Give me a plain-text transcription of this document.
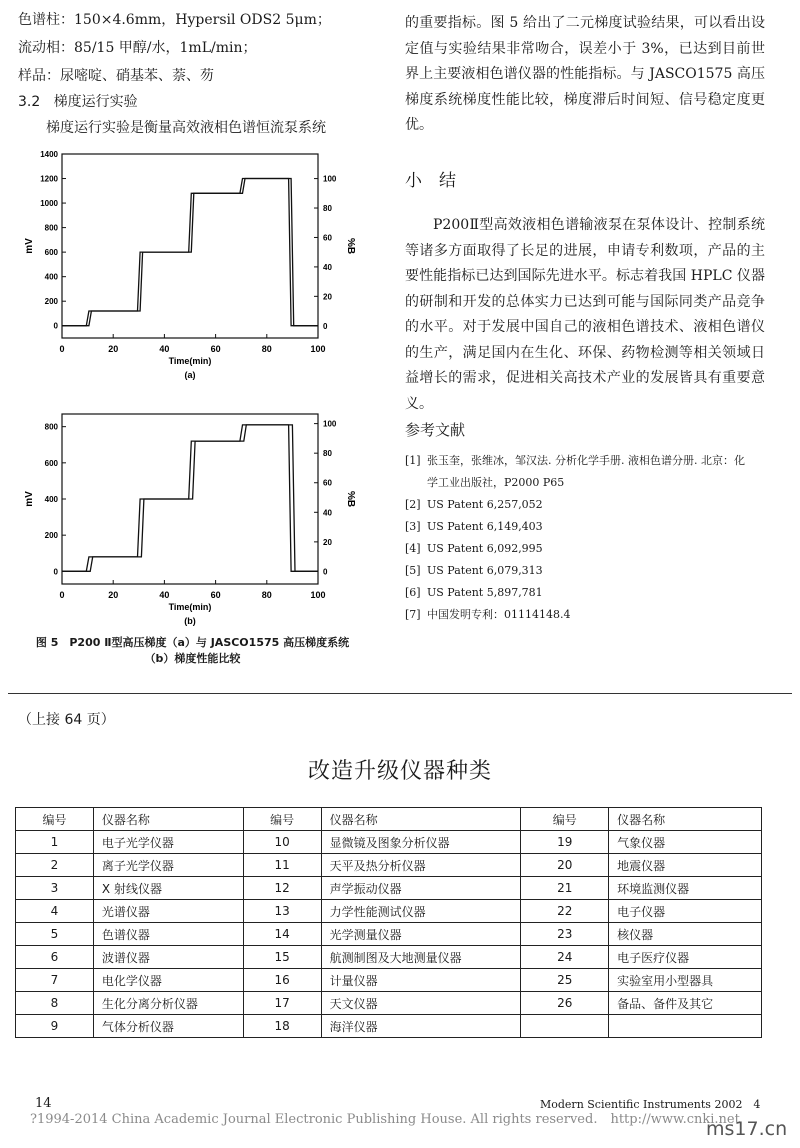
色谱柱：150×4.6mm，Hypersil ODS2 5μm；
流动相：85/15 甲醇/水，1mL/min；
样品：尿嘧啶、硝基苯、萘、芴
3.2 梯度运行实验
梯度运行实验是衡量高效液相色谱恒流泵系统
0	20	40	60	80	100
0
200
400
600
800
1000
1200
1400
0
20
40
60
80
100
Time(min)
mV	%B
(a)
0	20	40	60	80	100
0
200
400
600
800
0
20
40
60
80
100
Time(min)
mV	%B
(b)
图 5　P200 Ⅱ型高压梯度（a）与 JASCO1575 高压梯度系统
（b）梯度性能比较
的重要指标。图 5 给出了二元梯度试验结果，可以看出设定值与实验结果非常吻合，误差小于 3%，已达到目前世界上主要液相色谱仪器的性能指标。与 JASCO1575 高压梯度系统梯度性能比较，梯度滞后时间短、信号稳定度更优。
小　结
P200Ⅱ型高效液相色谱输液泵在泵体设计、控制系统等诸多方面取得了长足的进展，申请专利数项，产品的主要性能指标已达到国际先进水平。标志着我国 HPLC 仪器的研制和开发的总体实力已达到可能与国际同类产品竞争的水平。对于发展中国自己的液相色谱技术、液相色谱仪的生产，满足国内在生化、环保、药物检测等相关领域日益增长的需求，促进相关高技术产业的发展皆具有重要意义。
参考文献
[1] 张玉奎，张维冰，邹汉法. 分析化学手册. 液相色谱分册. 北京：化
学工业出版社，P2000 P65
[2] US Patent 6,257,052
[3] US Patent 6,149,403
[4] US Patent 6,092,995
[5] US Patent 6,079,313
[6] US Patent 5,897,781
[7] 中国发明专利：01114148.4
（上接 64 页）
改造升级仪器种类
编号	仪器名称	编号	仪器名称	编号	仪器名称
1	电子光学仪器	10	显微镜及图象分析仪器	19	气象仪器
2	离子光学仪器	11	天平及热分析仪器	20	地震仪器
3	X 射线仪器	12	声学振动仪器	21	环境监测仪器
4	光谱仪器	13	力学性能测试仪器	22	电子仪器
5	色谱仪器	14	光学测量仪器	23	核仪器
6	波谱仪器	15	航测制图及大地测量仪器	24	电子医疗仪器
7	电化学仪器	16	计量仪器	25	实验室用小型器具
8	生化分离分析仪器	17	天文仪器	26	备品、备件及其它
9	气体分析仪器	18	海洋仪器		
14	Modern Scientific Instruments 2002　4
?1994-2014 China Academic Journal Electronic Publishing House. All rights reserved.　http://www.cnki.net
ms17.cn
